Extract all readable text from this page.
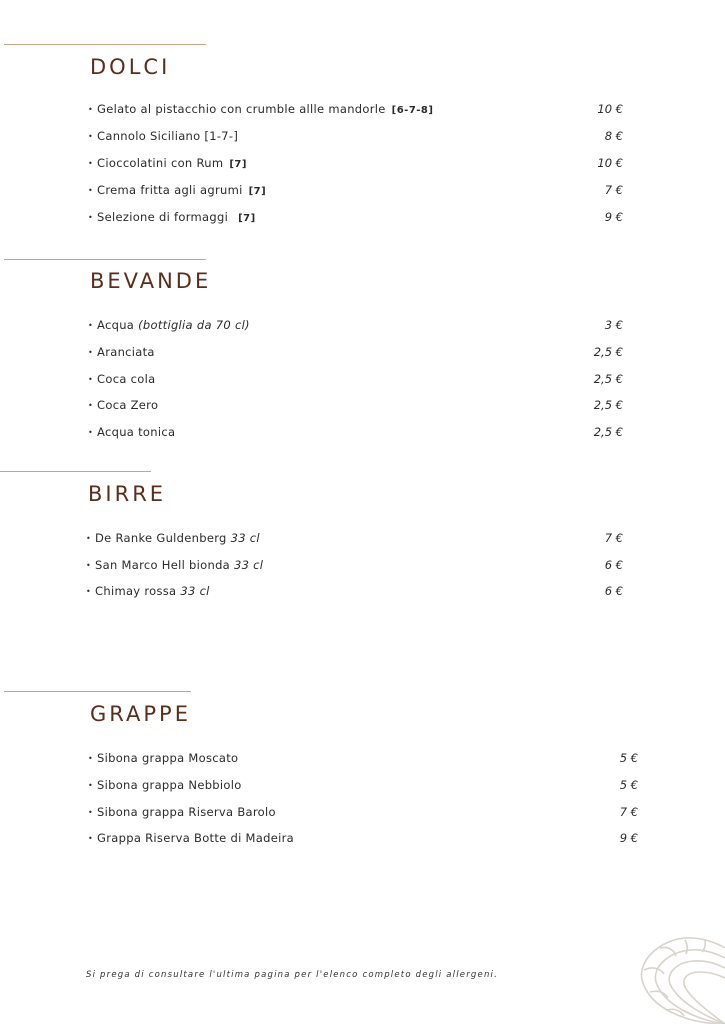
DOLCI
• Gelato al pistacchio con crumble allle mandorle [6-7-8]	10 €
• Cannolo Siciliano [1-7-]	8 €
• Cioccolatini con Rum [7]	10 €
• Crema fritta agli agrumi [7]	7 €
• Selezione di formaggi [7]	9 €
BEVANDE
• Acqua (bottiglia da 70 cl)	3 €
• Aranciata	2,5 €
• Coca cola	2,5 €
• Coca Zero	2,5 €
• Acqua tonica	2,5 €
BIRRE
• De Ranke Guldenberg 33 cl	7 €
• San Marco Hell bionda 33 cl	6 €
• Chimay rossa 33 cl	6 €
GRAPPE
• Sibona grappa Moscato	5 €
• Sibona grappa Nebbiolo	5 €
• Sibona grappa Riserva Barolo	7 €
• Grappa Riserva Botte di Madeira	9 €
Si prega di consultare l'ultima pagina per l'elenco completo degli allergeni.
